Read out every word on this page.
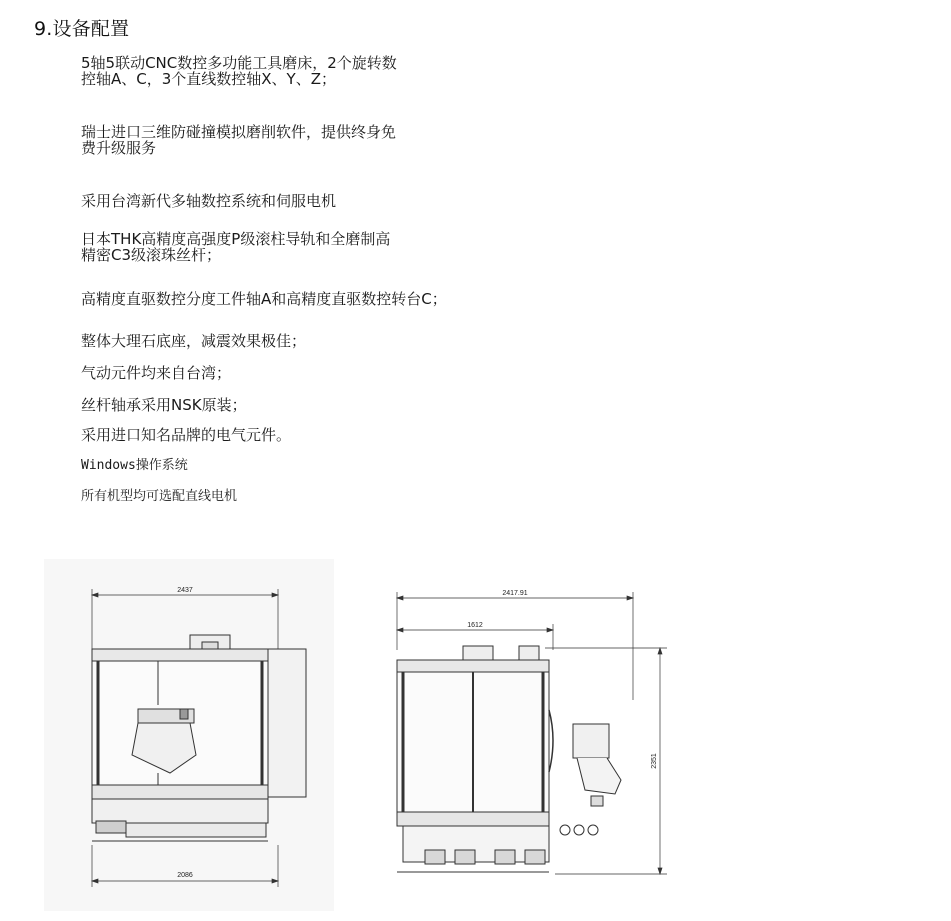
9.设备配置
5轴5联动CNC数控多功能工具磨床，2个旋转数
控轴A、C，3个直线数控轴X、Y、Z；
瑞士进口三维防碰撞模拟磨削软件，提供终身免
费升级服务
采用台湾新代多轴数控系统和伺服电机
日本THK高精度高强度P级滚柱导轨和全磨制高
精密C3级滚珠丝杆；
高精度直驱数控分度工件轴A和高精度直驱数控转台C；
整体大理石底座，减震效果极佳；
气动元件均来自台湾；
丝杆轴承采用NSK原装；
采用进口知名品牌的电气元件。
Windows操作系统
所有机型均可选配直线电机
2437
2086
2417.91
1612
2351
